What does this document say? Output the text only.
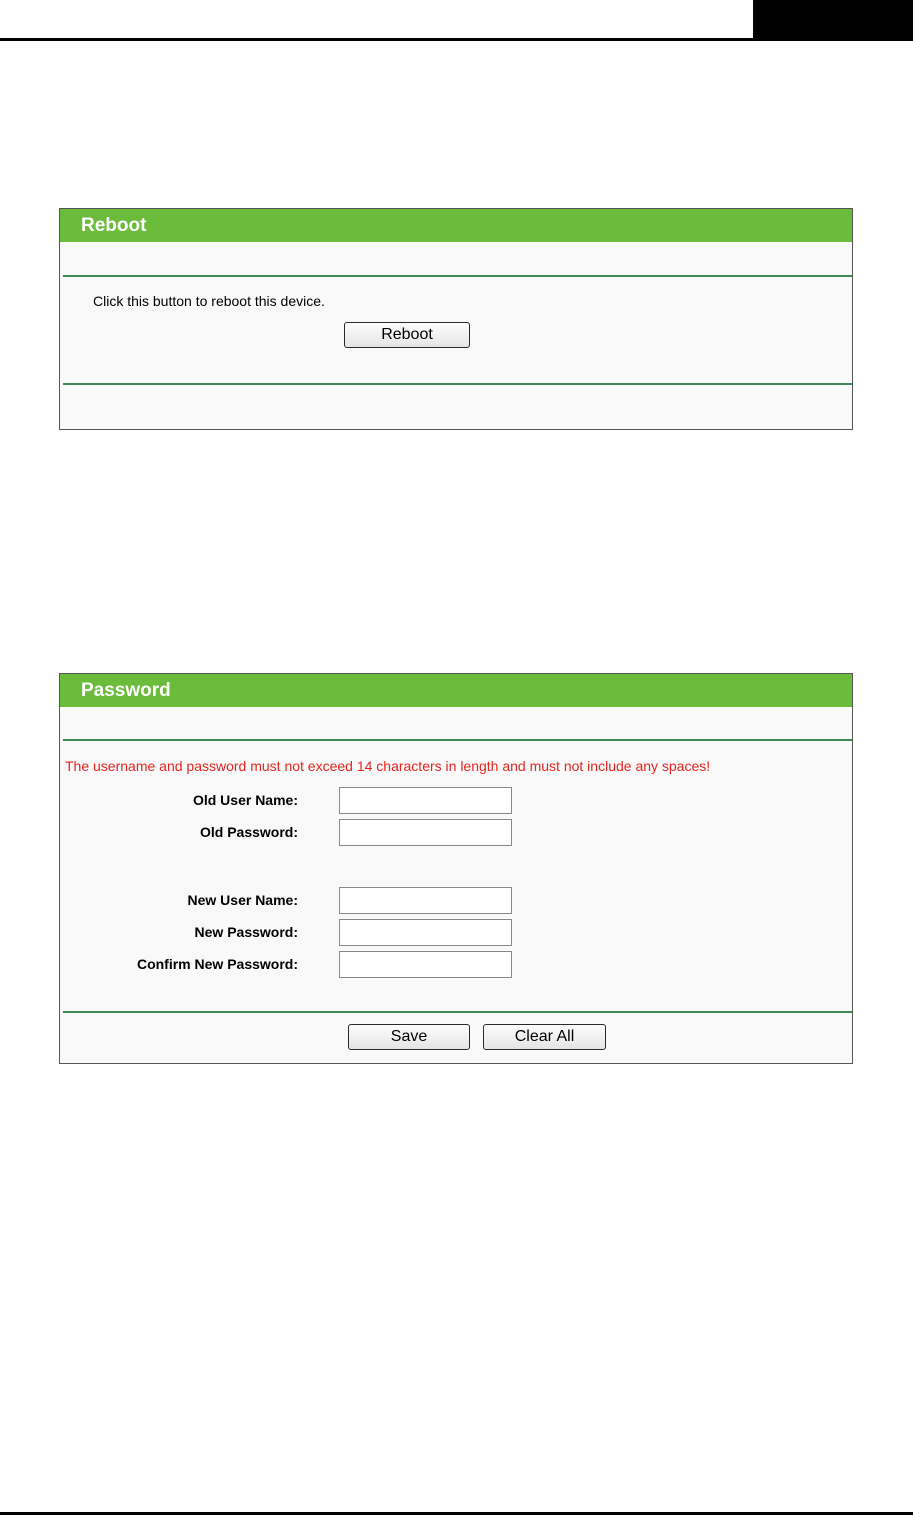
Reboot
Click this button to reboot this device.
Reboot
Password
The username and password must not exceed 14 characters in length and must not include any spaces!
Old User Name:
Old Password:
New User Name:
New Password:
Confirm New Password:
Save	Clear All
